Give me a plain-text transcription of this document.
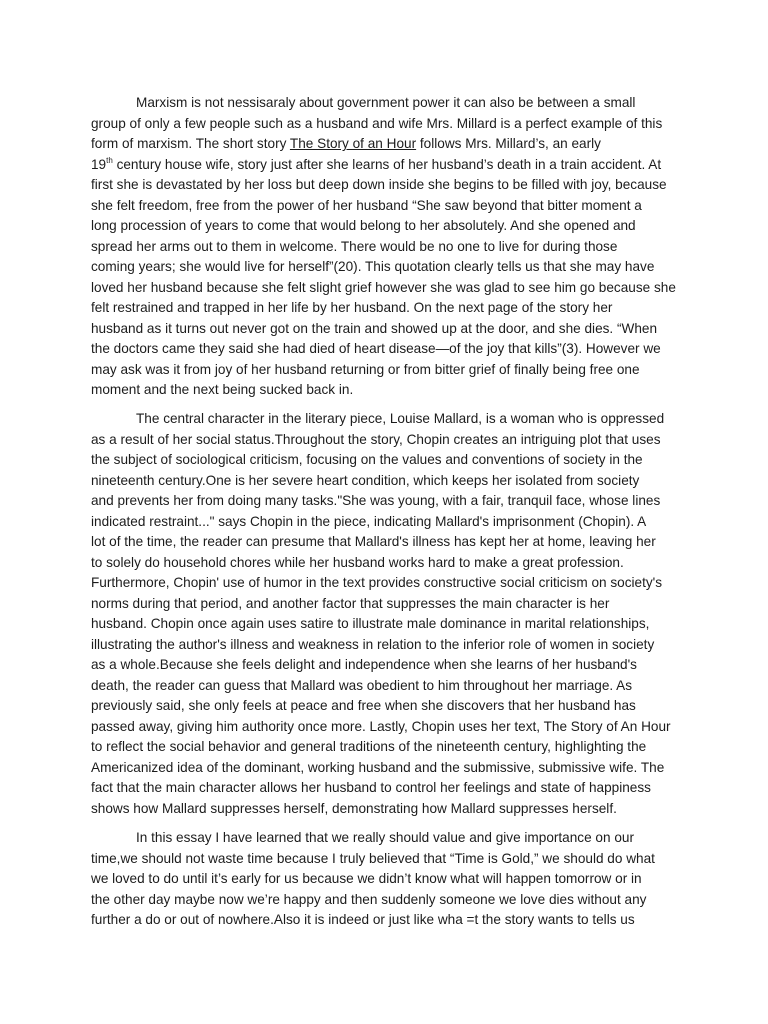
Marxism is not nessisaraly about government power it can also be between a small
group of only a few people such as a husband and wife Mrs. Millard is a perfect example of this
form of marxism. The short story The Story of an Hour follows Mrs. Millard’s, an early
19th century house wife, story just after she learns of her husband’s death in a train accident. At
first she is devastated by her loss but deep down inside she begins to be filled with joy, because
she felt freedom, free from the power of her husband “She saw beyond that bitter moment a
long procession of years to come that would belong to her absolutely. And she opened and
spread her arms out to them in welcome. There would be no one to live for during those
coming years; she would live for herself”(20). This quotation clearly tells us that she may have
loved her husband because she felt slight grief however she was glad to see him go because she
felt restrained and trapped in her life by her husband. On the next page of the story her
husband as it turns out never got on the train and showed up at the door, and she dies. “When
the doctors came they said she had died of heart disease—of the joy that kills”(3). However we
may ask was it from joy of her husband returning or from bitter grief of finally being free one
moment and the next being sucked back in.
The central character in the literary piece, Louise Mallard, is a woman who is oppressed
as a result of her social status.Throughout the story, Chopin creates an intriguing plot that uses
the subject of sociological criticism, focusing on the values and conventions of society in the
nineteenth century.One is her severe heart condition, which keeps her isolated from society
and prevents her from doing many tasks."She was young, with a fair, tranquil face, whose lines
indicated restraint..." says Chopin in the piece, indicating Mallard's imprisonment (Chopin). A
lot of the time, the reader can presume that Mallard's illness has kept her at home, leaving her
to solely do household chores while her husband works hard to make a great profession.
Furthermore, Chopin' use of humor in the text provides constructive social criticism on society's
norms during that period, and another factor that suppresses the main character is her
husband. Chopin once again uses satire to illustrate male dominance in marital relationships,
illustrating the author's illness and weakness in relation to the inferior role of women in society
as a whole.Because she feels delight and independence when she learns of her husband's
death, the reader can guess that Mallard was obedient to him throughout her marriage. As
previously said, she only feels at peace and free when she discovers that her husband has
passed away, giving him authority once more. Lastly, Chopin uses her text, The Story of An Hour
to reflect the social behavior and general traditions of the nineteenth century, highlighting the
Americanized idea of the dominant, working husband and the submissive, submissive wife. The
fact that the main character allows her husband to control her feelings and state of happiness
shows how Mallard suppresses herself, demonstrating how Mallard suppresses herself.
In this essay I have learned that we really should value and give importance on our
time,we should not waste time because I truly believed that “Time is Gold,” we should do what
we loved to do until it’s early for us because we didn’t know what will happen tomorrow or in
the other day maybe now we’re happy and then suddenly someone we love dies without any
further a do or out of nowhere.Also it is indeed or just like wha =t the story wants to tells us
